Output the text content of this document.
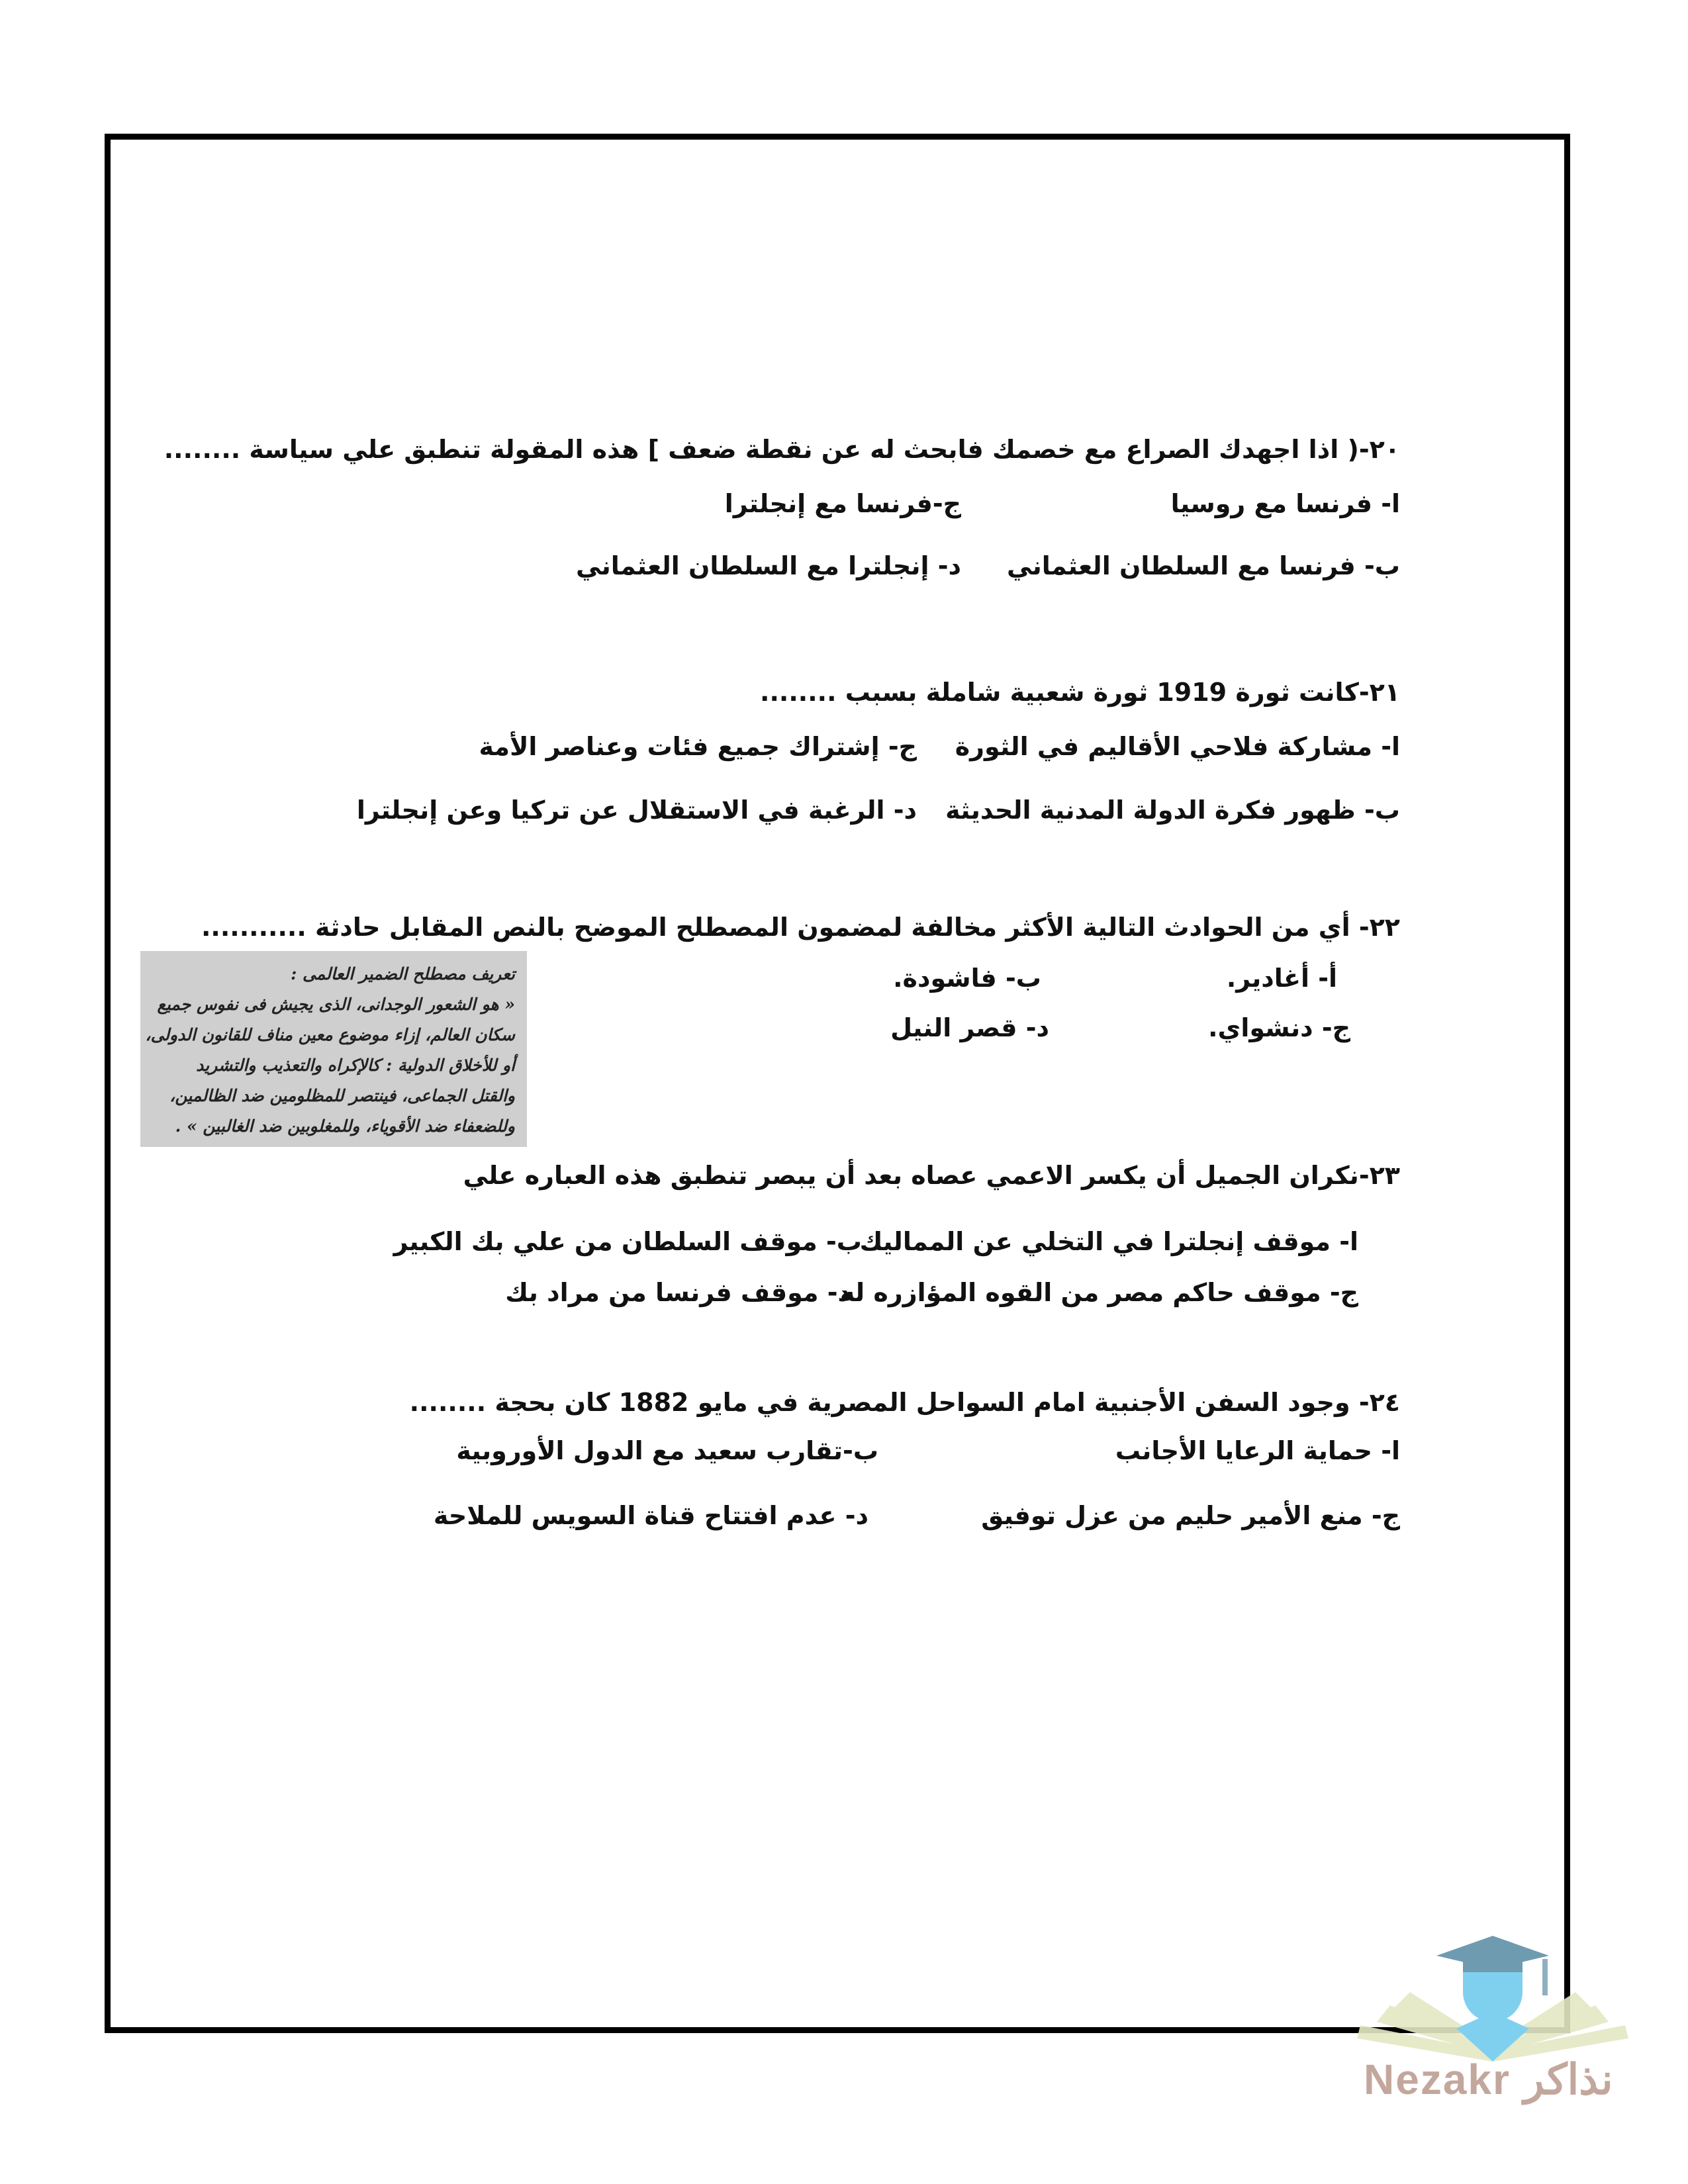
٢٠-( اذا اجهدك الصراع مع خصمك فابحث له عن نقطة ضعف ] هذه المقولة تنطبق علي سياسة ........
ا- فرنسا مع روسيا
ج-فرنسا مع إنجلترا
ب- فرنسا مع السلطان العثماني
د- إنجلترا مع السلطان العثماني
٢١-كانت ثورة 1919 ثورة شعبية شاملة بسبب ........
ا- مشاركة فلاحي الأقاليم في الثورة
ج- إشتراك جميع فئات وعناصر الأمة
ب- ظهور فكرة الدولة المدنية الحديثة
د- الرغبة في الاستقلال عن تركيا وعن إنجلترا
٢٢- أي من الحوادث التالية الأكثر مخالفة لمضمون المصطلح الموضح بالنص المقابل حادثة ...........
أ- أغادير.
ب- فاشودة.
ج- دنشواي.
د- قصر النيل
تعريف مصطلح الضمير العالمى :
« هو الشعور الوجدانى، الذى يجيش فى نفوس جميع
سكان العالم، إزاء موضوع معين مناف للقانون الدولى،
أو للأخلاق الدولية : كالإكراه والتعذيب والتشريد
والقتل الجماعى، فينتصر للمظلومين ضد الظالمين،
وللضعفاء ضد الأقوياء، وللمغلوبين ضد الغالبين » .
٢٣-نكران الجميل أن يكسر الاعمي عصاه بعد أن يبصر تنطبق هذه العباره علي
ا- موقف إنجلترا في التخلي عن المماليك
ب- موقف السلطان من علي بك الكبير
ج- موقف حاكم مصر من القوه المؤازره له
د- موقف فرنسا من مراد بك
٢٤- وجود السفن الأجنبية امام السواحل المصرية في مايو 1882 كان بحجة ........
ا- حماية الرعايا الأجانب
ب-تقارب سعيد مع الدول الأوروبية
ج- منع الأمير حليم من عزل توفيق
د- عدم افتتاح قناة السويس للملاحة
Nezakr نذاكر
